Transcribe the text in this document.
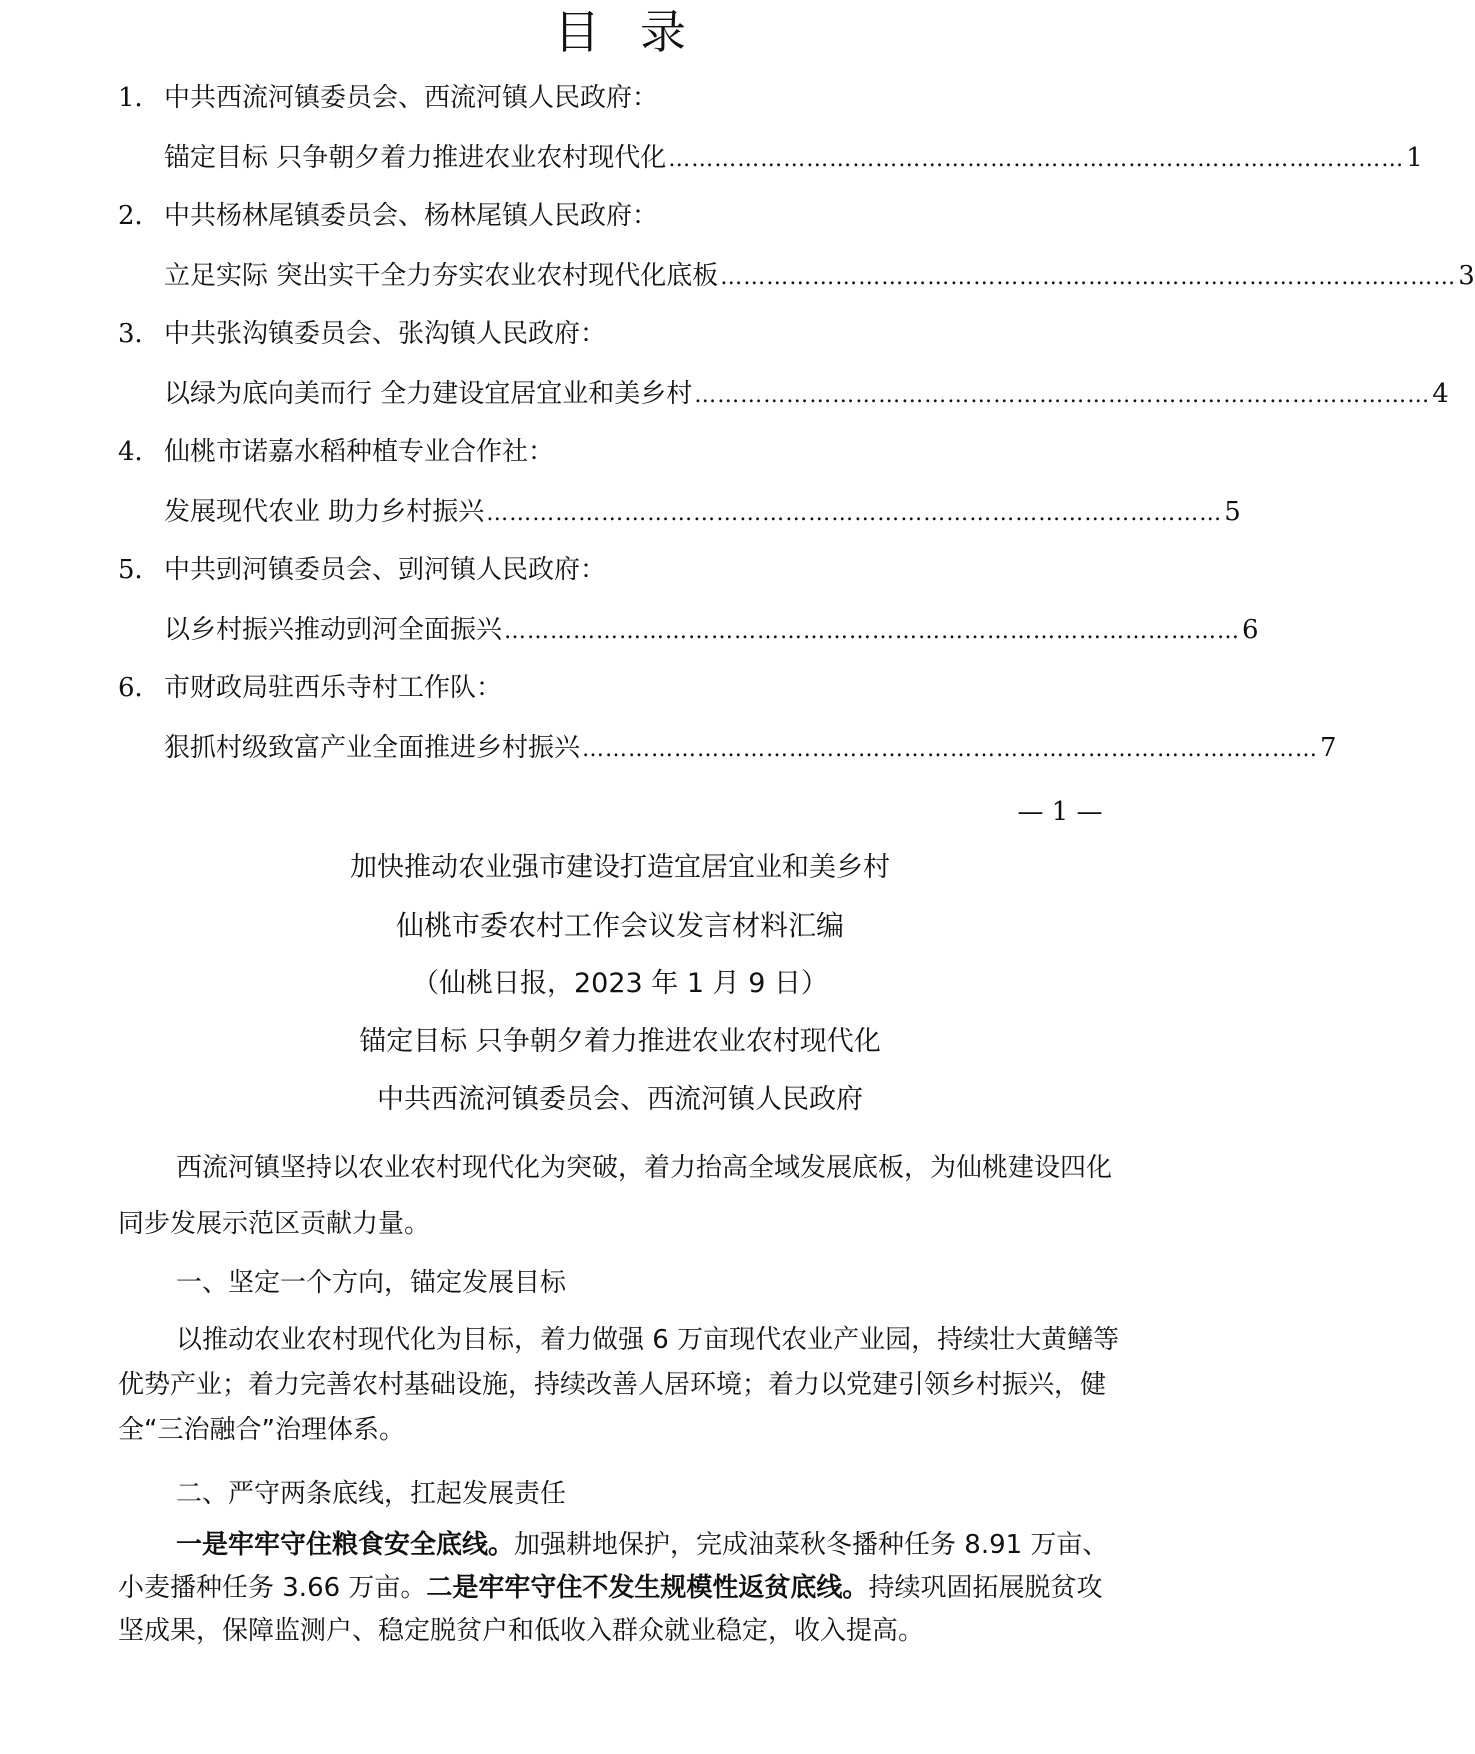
目录
1． 中共西流河镇委员会、西流河镇人民政府：
锚定目标 只争朝夕着力推进农业农村现代化 …………………………………………………………………………………… 1
2． 中共杨林尾镇委员会、杨林尾镇人民政府：
立足实际 突出实干全力夯实农业农村现代化底板 …………………………………………………………………………………… 3
3． 中共张沟镇委员会、张沟镇人民政府：
以绿为底向美而行 全力建设宜居宜业和美乡村 …………………………………………………………………………………… 4
4． 仙桃市诺嘉水稻种植专业合作社：
发展现代农业 助力乡村振兴 …………………………………………………………………………………… 5
5． 中共剅河镇委员会、剅河镇人民政府：
以乡村振兴推动剅河全面振兴 …………………………………………………………………………………… 6
6． 市财政局驻西乐寺村工作队：
狠抓村级致富产业全面推进乡村振兴 …………………………………………………………………………………… 7
— 1 —
加快推动农业强市建设打造宜居宜业和美乡村
仙桃市委农村工作会议发言材料汇编
（仙桃日报，2023 年 1 月 9 日）
锚定目标 只争朝夕着力推进农业农村现代化
中共西流河镇委员会、西流河镇人民政府

西流河镇坚持以农业农村现代化为突破，着力抬高全域发展底板，为仙桃建设四化同步发展示范区贡献力量。

一、坚定一个方向，锚定发展目标

以推动农业农村现代化为目标，着力做强 6 万亩现代农业产业园，持续壮大黄鳝等优势产业；着力完善农村基础设施，持续改善人居环境；着力以党建引领乡村振兴，健全“三治融合”治理体系。

二、严守两条底线，扛起发展责任

一是牢牢守住粮食安全底线。加强耕地保护，完成油菜秋冬播种任务 8.91 万亩、小麦播种任务 3.66 万亩。二是牢牢守住不发生规模性返贫底线。持续巩固拓展脱贫攻坚成果，保障监测户、稳定脱贫户和低收入群众就业稳定，收入提高。
